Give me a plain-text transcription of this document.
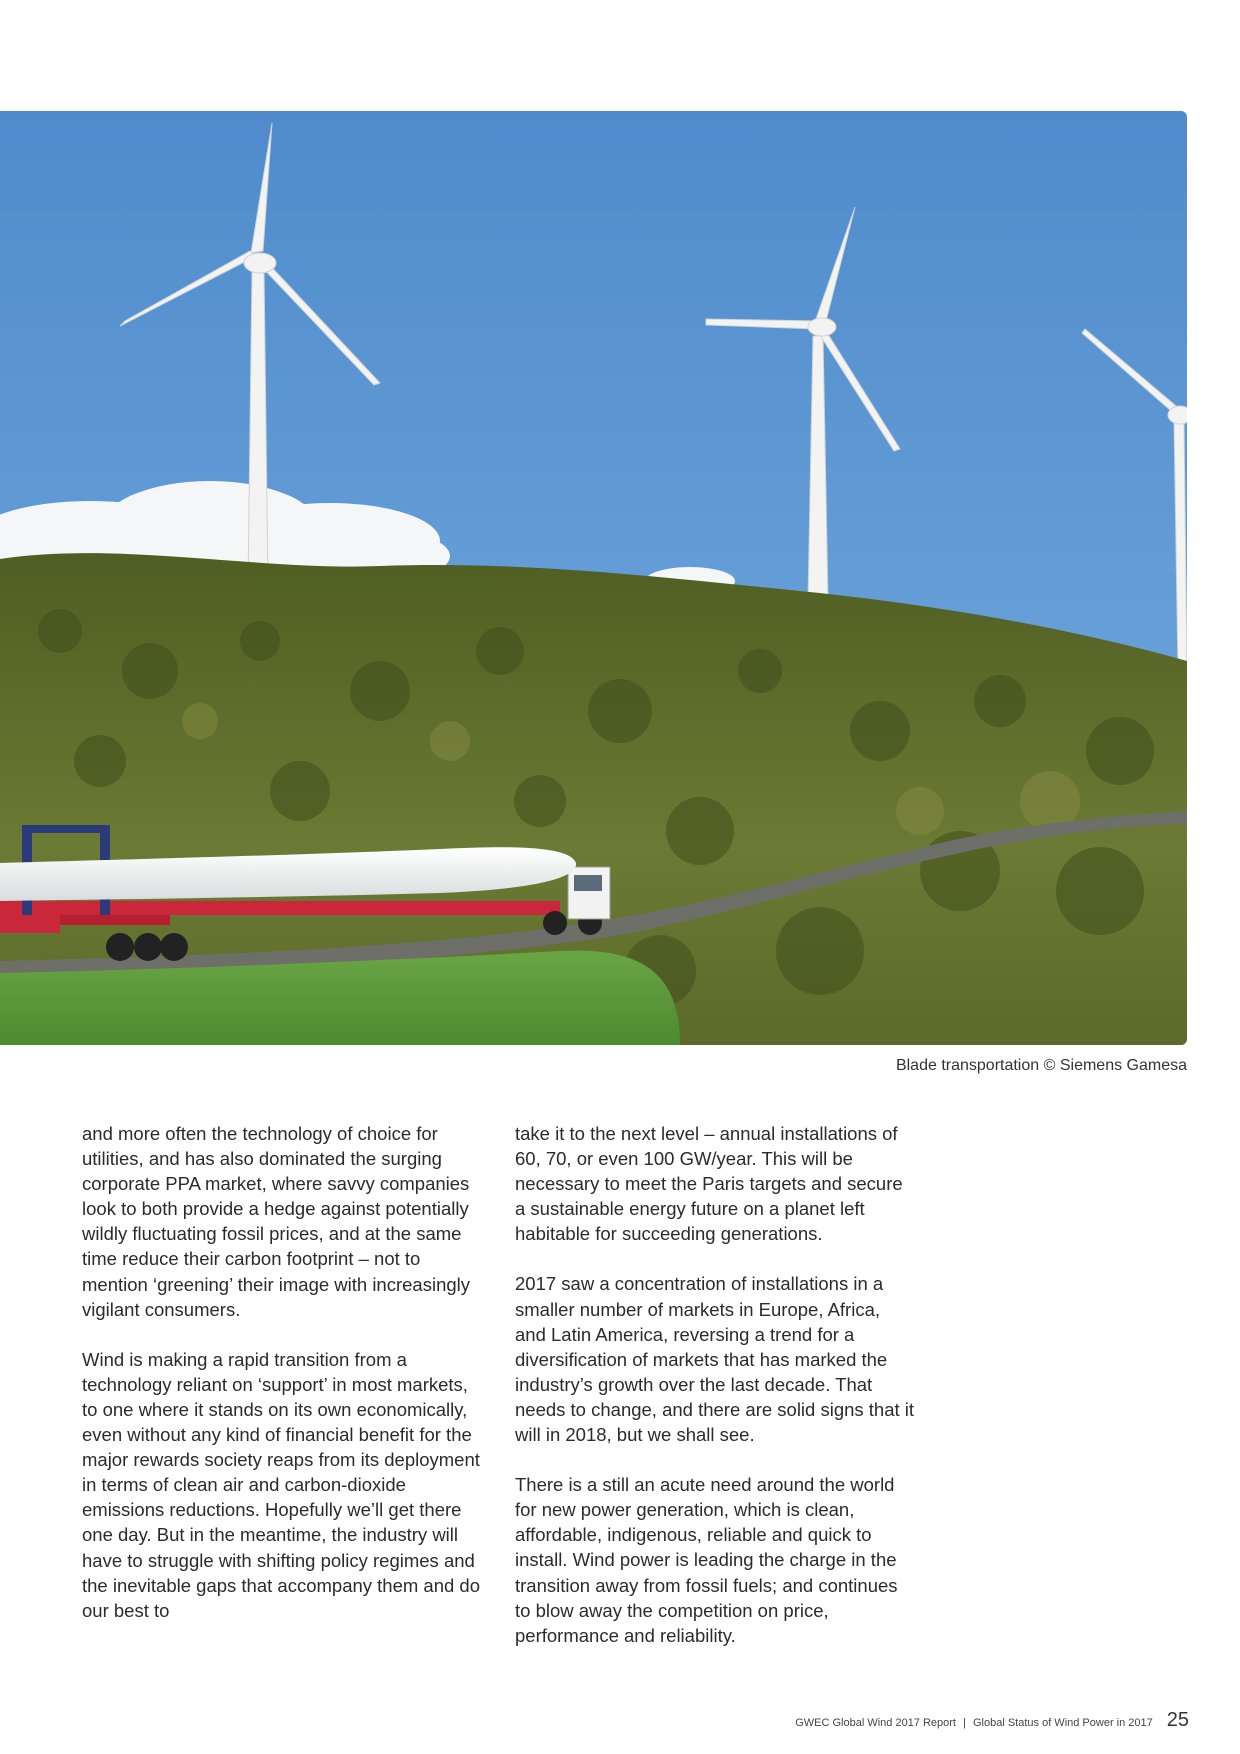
Blade transportation © Siemens Gamesa

and more often the technology of choice for utilities, and has also dominated the surging corporate PPA market, where savvy companies look to both provide a hedge against potentially wildly fluctuating fossil prices, and at the same time reduce their carbon footprint – not to mention ‘greening’ their image with increasingly vigilant consumers.

Wind is making a rapid transition from a technology reliant on ‘support’ in most markets, to one where it stands on its own economically, even without any kind of financial benefit for the major rewards society reaps from its deployment in terms of clean air and carbon-dioxide emissions reductions. Hopefully we’ll get there one day. But in the meantime, the industry will have to struggle with shifting policy regimes and the inevitable gaps that accompany them and do our best to

take it to the next level – annual installations of 60, 70, or even 100 GW/year. This will be necessary to meet the Paris targets and secure a sustainable energy future on a planet left habitable for succeeding generations.

2017 saw a concentration of installations in a smaller number of markets in Europe, Africa, and Latin America, reversing a trend for a diversification of markets that has marked the industry’s growth over the last decade. That needs to change, and there are solid signs that it will in 2018, but we shall see.

There is a still an acute need around the world for new power generation, which is clean, affordable, indigenous, reliable and quick to install. Wind power is leading the charge in the transition away from fossil fuels; and continues to blow away the competition on price, performance and reliability.

GWEC Global Wind 2017 Report | Global Status of Wind Power in 2017 25
